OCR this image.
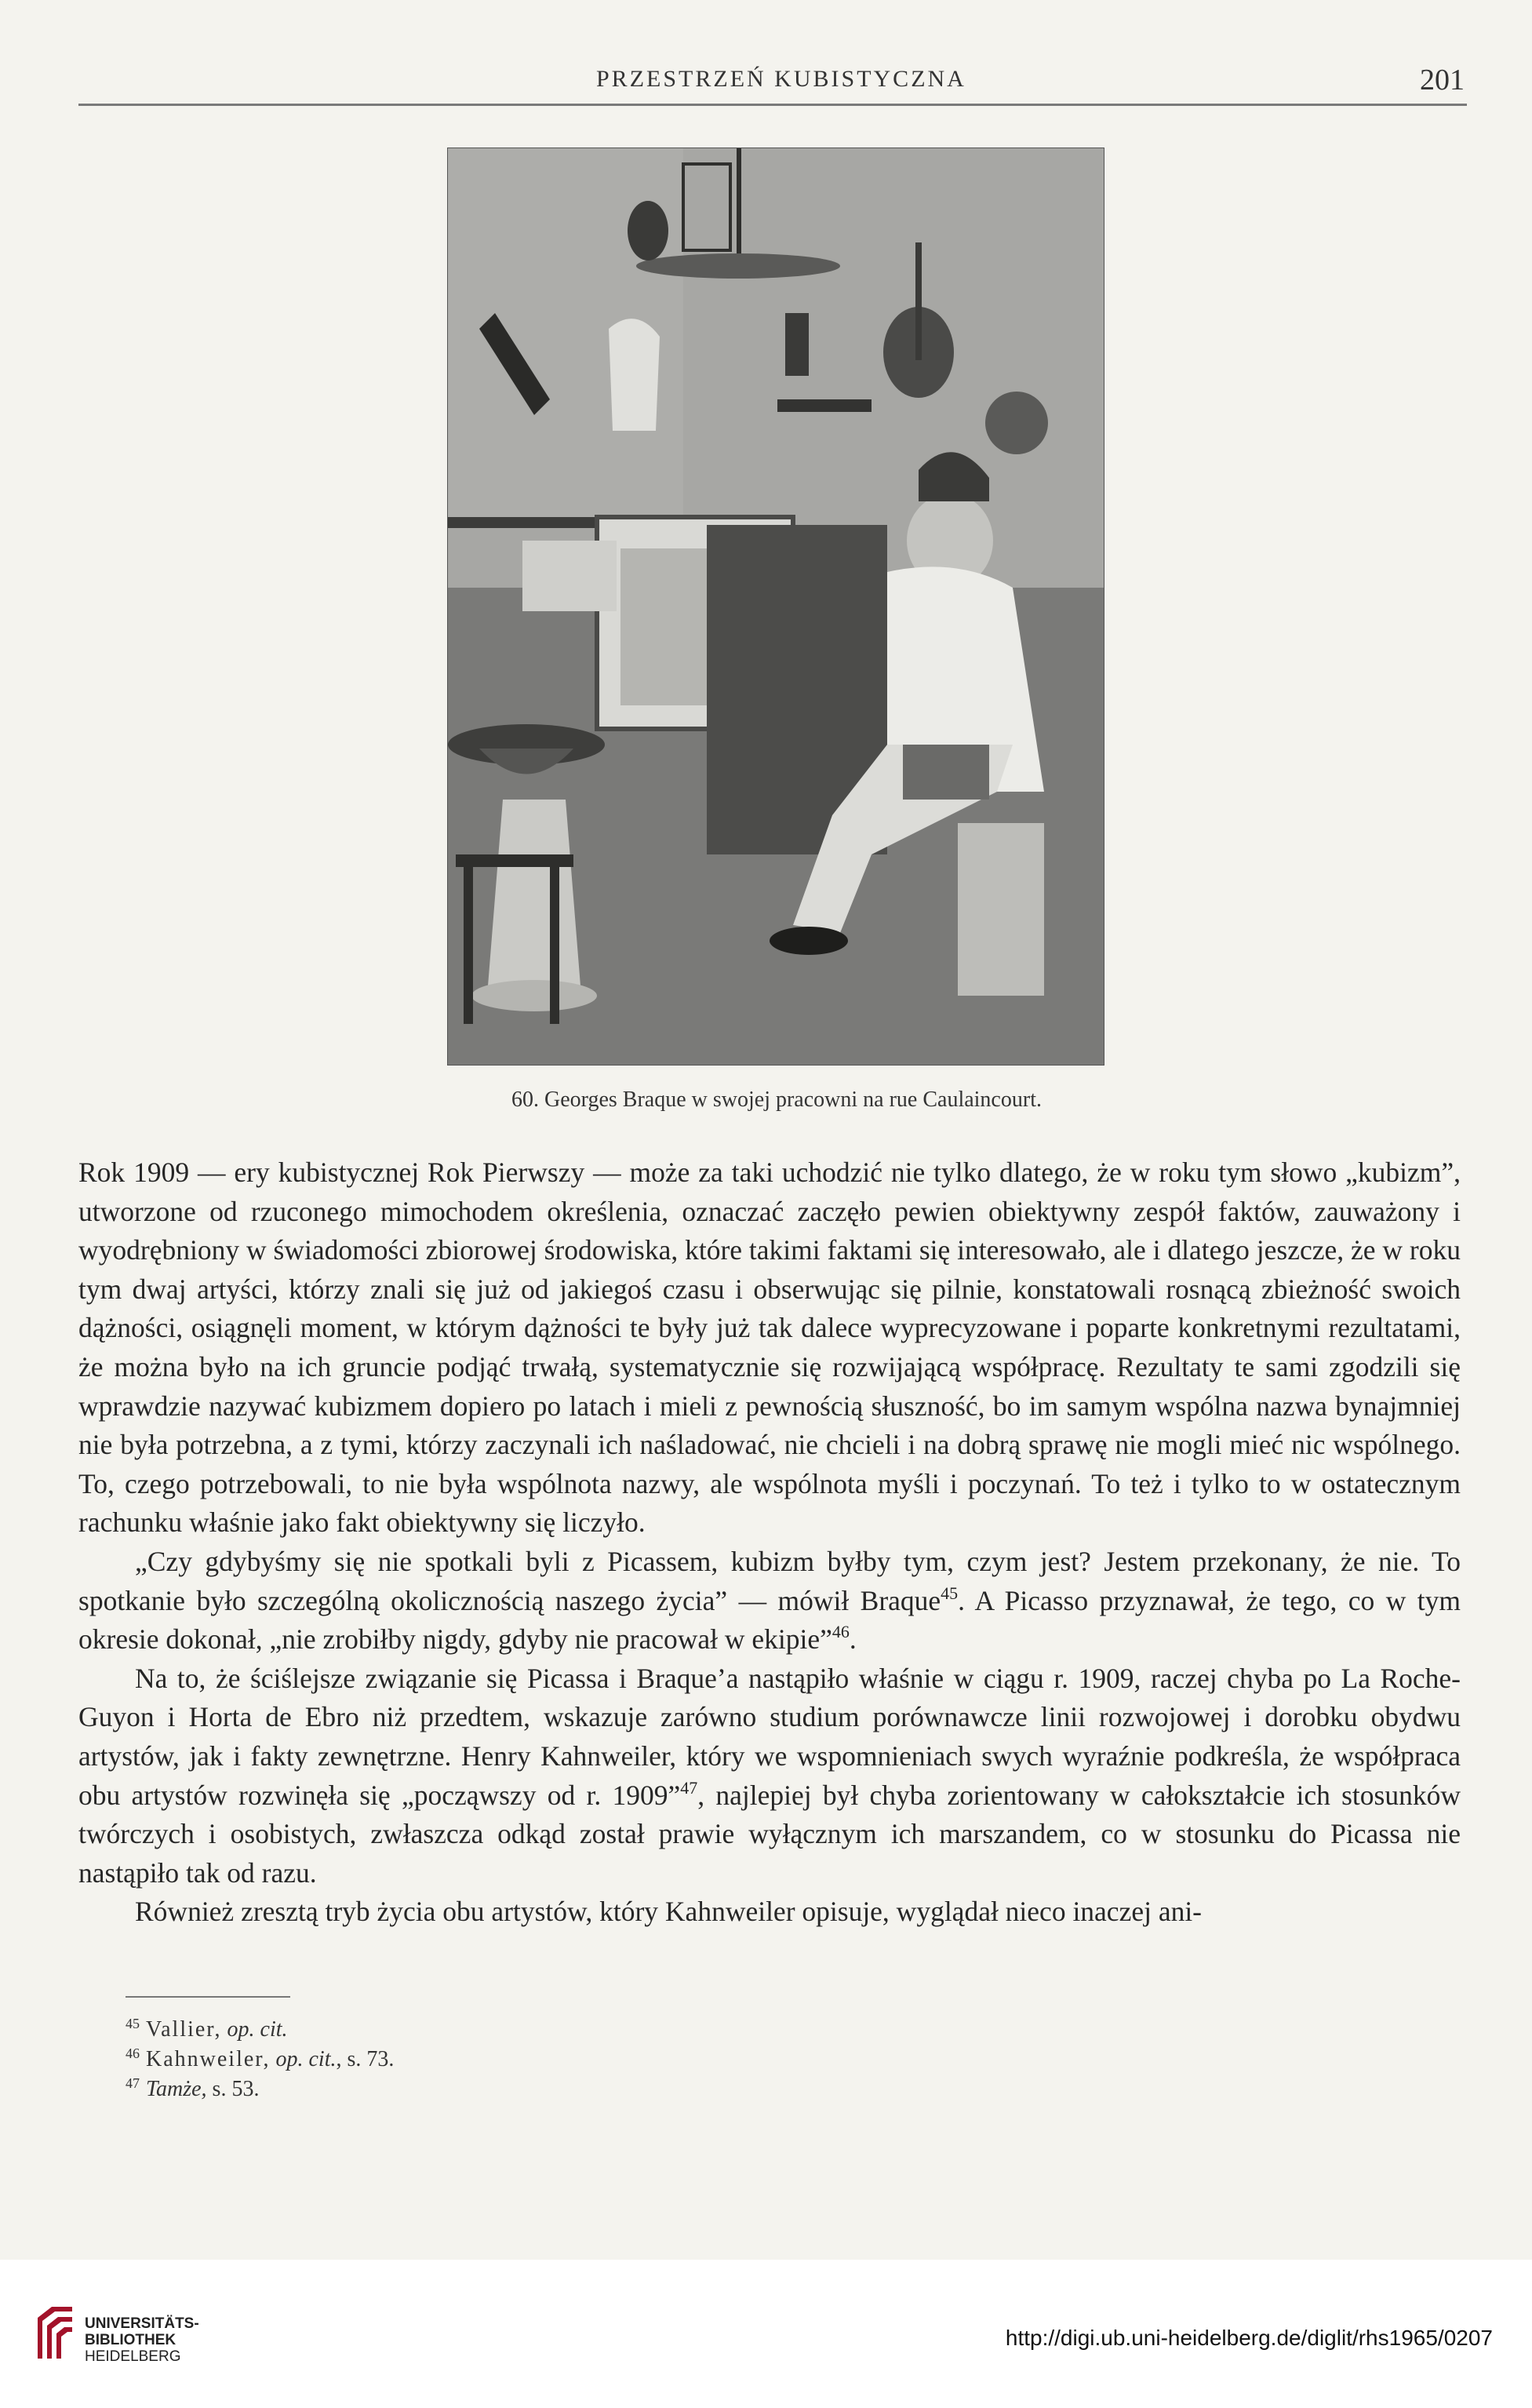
PRZESTRZEŃ KUBISTYCZNA	201
60. Georges Braque w swojej pracowni na rue Caulaincourt.

Rok 1909 — ery kubistycznej Rok Pierwszy — może za taki uchodzić nie tylko dlatego, że w roku tym słowo „kubizm”, utworzone od rzuconego mimochodem określenia, oznaczać zaczęło pewien obiektywny zespół faktów, zauważony i wyodrębniony w świadomości zbiorowej środowiska, które takimi faktami się interesowało, ale i dlatego jeszcze, że w roku tym dwaj artyści, którzy znali się już od jakiegoś czasu i obserwując się pilnie, konstatowali rosnącą zbieżność swoich dążności, osiągnęli moment, w którym dążności te były już tak dalece wyprecyzowane i poparte konkretnymi rezultatami, że można było na ich gruncie podjąć trwałą, systematycznie się rozwijającą współpracę. Rezultaty te sami zgodzili się wprawdzie nazywać kubizmem dopiero po latach i mieli z pewnością słuszność, bo im samym wspólna nazwa bynajmniej nie była potrzebna, a z tymi, którzy zaczynali ich naśladować, nie chcieli i na dobrą sprawę nie mogli mieć nic wspólnego. To, czego potrzebowali, to nie była wspólnota nazwy, ale wspólnota myśli i poczynań. To też i tylko to w ostatecznym rachunku właśnie jako fakt obiektywny się liczyło.

„Czy gdybyśmy się nie spotkali byli z Picassem, kubizm byłby tym, czym jest? Jestem przekonany, że nie. To spotkanie było szczególną okolicznością naszego życia” — mówił Braque$^{45}$. A Picasso przyznawał, że tego, co w tym okresie dokonał, „nie zrobiłby nigdy, gdyby nie pracował w ekipie”$^{46}$.

Na to, że ściślejsze związanie się Picassa i Braque’a nastąpiło właśnie w ciągu r. 1909, raczej chyba po La Roche-Guyon i Horta de Ebro niż przedtem, wskazuje zarówno studium porównawcze linii rozwojowej i dorobku obydwu artystów, jak i fakty zewnętrzne. Henry Kahnweiler, który we wspomnieniach swych wyraźnie podkreśla, że współpraca obu artystów rozwinęła się „począwszy od r. 1909”$^{47}$, najlepiej był chyba zorientowany w całokształcie ich stosunków twórczych i osobistych, zwłaszcza odkąd został prawie wyłącznym ich marszandem, co w stosunku do Picassa nie nastąpiło tak od razu.

Również zresztą tryb życia obu artystów, który Kahnweiler opisuje, wyglądał nieco inaczej ani-

$^{45}$ Vallier, op. cit.
$^{46}$ Kahnweiler, op. cit., s. 73.
$^{47}$ Tamże, s. 53.
UNIVERSITÄTS-
BIBLIOTHEK
HEIDELBERG
http://digi.ub.uni-heidelberg.de/diglit/rhs1965/0207
